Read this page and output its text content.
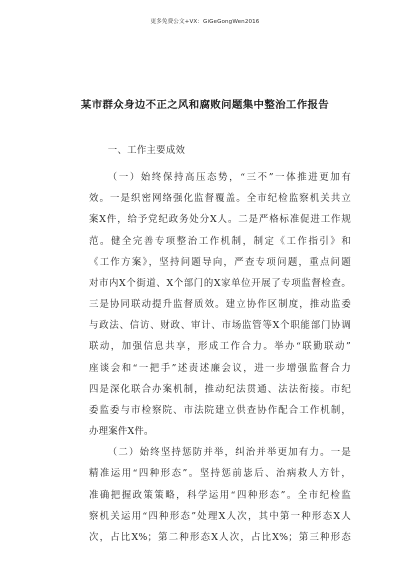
更多免费公文+VX：GiGeGongWen2016
某市群众身边不正之风和腐败问题集中整治工作报告
一、工作主要成效
（一）始终保持高压态势，“三不”一体推进更加有
效。一是织密网络强化监督覆盖。全市纪检监察机关共立
案X件，给予党纪政务处分X人。二是严格标准促进工作规
范。健全完善专项整治工作机制，制定《工作指引》和
《工作方案》，坚持问题导向，严查专项问题，重点问题
对市内X个街道、X个部门的X家单位开展了专项监督检查。
三是协同联动提升监督质效。建立协作区制度，推动监委
与政法、信访、财政、审计、市场监管等X个职能部门协调
联动，加强信息共享，形成工作合力。举办“联勤联动”
座谈会和“一把手”述责述廉会议，进一步增强监督合力
四是深化联合办案机制，推动纪法贯通、法法衔接。市纪
委监委与市检察院、市法院建立供查协作配合工作机制，
办理案件X件。
（二）始终坚持惩防并举，纠治并举更加有力。一是
精准运用“四种形态”。坚持惩前毖后、治病救人方针，
准确把握政策策略，科学运用“四种形态”。全市纪检监
察机关运用“四种形态”处理X人次，其中第一种形态X人
次，占比X%；第二种形态X人次，占比X%；第三种形态
